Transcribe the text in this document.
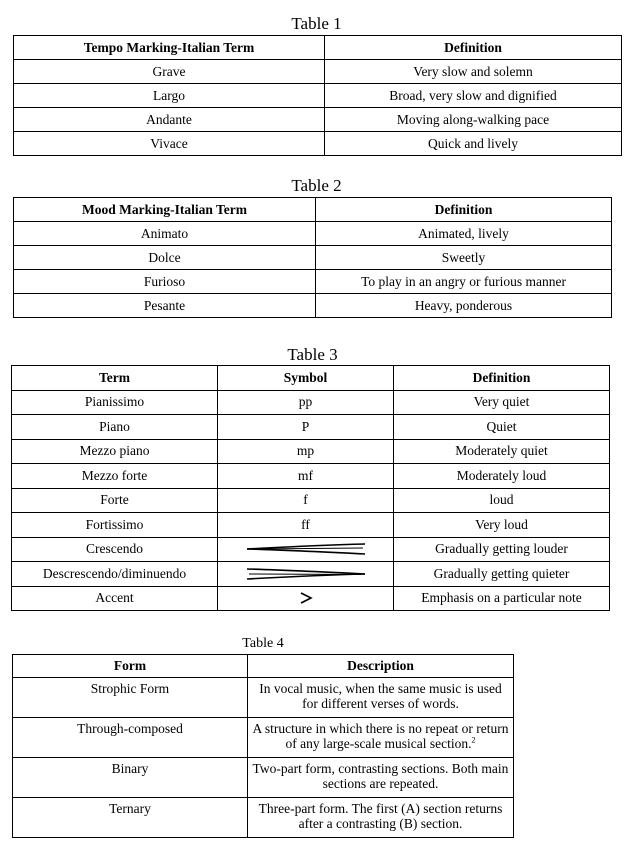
Table 1
Tempo Marking-Italian Term	Definition
Grave	Very slow and solemn
Largo	Broad, very slow and dignified
Andante	Moving along-walking pace
Vivace	Quick and lively
Table 2
Mood Marking-Italian Term	Definition
Animato	Animated, lively
Dolce	Sweetly
Furioso	To play in an angry or furious manner
Pesante	Heavy, ponderous
Table 3
Term	Symbol	Definition
Pianissimo	pp	Very quiet
Piano	P	Quiet
Mezzo piano	mp	Moderately quiet
Mezzo forte	mf	Moderately loud
Forte	f	loud
Fortissimo	ff	Very loud
Crescendo		Gradually getting louder
Descrescendo/diminuendo		Gradually getting quieter
Accent		Emphasis on a particular note
Table 4
Form	Description
Strophic Form	In vocal music, when the same music is used for different verses of words.
Through-composed	A structure in which there is no repeat or return of any large-scale musical section.$^2$
Binary	Two-part form, contrasting sections. Both main sections are repeated.
Ternary	Three-part form. The first (A) section returns after a contrasting (B) section.
